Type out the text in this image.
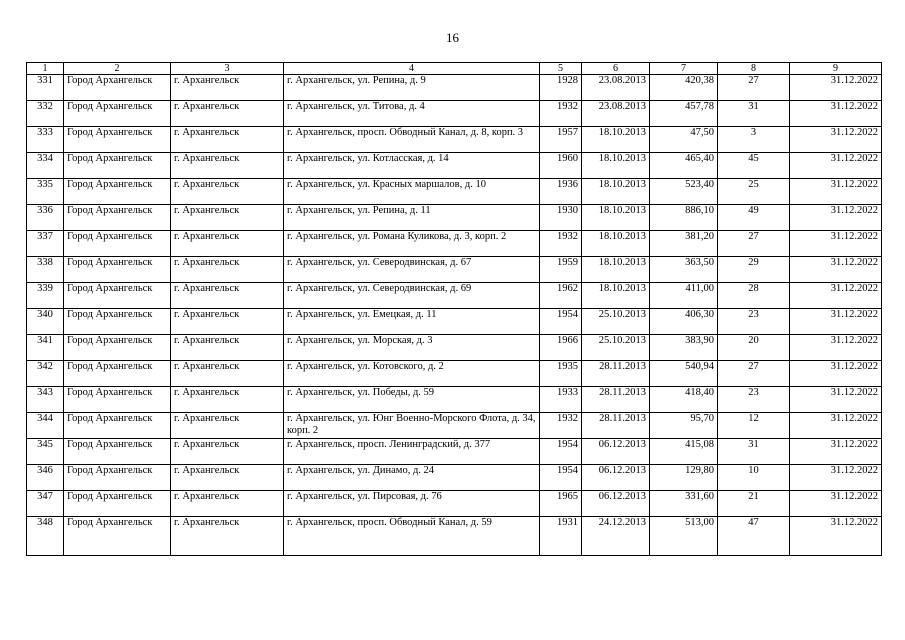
16
1	2	3	4	5	6	7	8	9
331	Город Архангельск	г. Архангельск	г. Архангельск, ул. Репина, д. 9	1928	23.08.2013	420,38	27	31.12.2022
332	Город Архангельск	г. Архангельск	г. Архангельск, ул. Титова, д. 4	1932	23.08.2013	457,78	31	31.12.2022
333	Город Архангельск	г. Архангельск	г. Архангельск, просп. Обводный Канал, д. 8, корп. 3	1957	18.10.2013	47,50	3	31.12.2022
334	Город Архангельск	г. Архангельск	г. Архангельск, ул. Котласская, д. 14	1960	18.10.2013	465,40	45	31.12.2022
335	Город Архангельск	г. Архангельск	г. Архангельск, ул. Красных маршалов, д. 10	1936	18.10.2013	523,40	25	31.12.2022
336	Город Архангельск	г. Архангельск	г. Архангельск, ул. Репина, д. 11	1930	18.10.2013	886,10	49	31.12.2022
337	Город Архангельск	г. Архангельск	г. Архангельск, ул. Романа Куликова, д. 3, корп. 2	1932	18.10.2013	381,20	27	31.12.2022
338	Город Архангельск	г. Архангельск	г. Архангельск, ул. Северодвинская, д. 67	1959	18.10.2013	363,50	29	31.12.2022
339	Город Архангельск	г. Архангельск	г. Архангельск, ул. Северодвинская, д. 69	1962	18.10.2013	411,00	28	31.12.2022
340	Город Архангельск	г. Архангельск	г. Архангельск, ул. Емецкая, д. 11	1954	25.10.2013	406,30	23	31.12.2022
341	Город Архангельск	г. Архангельск	г. Архангельск, ул. Морская, д. 3	1966	25.10.2013	383,90	20	31.12.2022
342	Город Архангельск	г. Архангельск	г. Архангельск, ул. Котовского, д. 2	1935	28.11.2013	540,94	27	31.12.2022
343	Город Архангельск	г. Архангельск	г. Архангельск, ул. Победы, д. 59	1933	28.11.2013	418,40	23	31.12.2022
344	Город Архангельск	г. Архангельск	г. Архангельск, ул. Юнг Военно-Морского Флота, д. 34, корп. 2	1932	28.11.2013	95,70	12	31.12.2022
345	Город Архангельск	г. Архангельск	г. Архангельск, просп. Ленинградский, д. 377	1954	06.12.2013	415,08	31	31.12.2022
346	Город Архангельск	г. Архангельск	г. Архангельск, ул. Динамо, д. 24	1954	06.12.2013	129,80	10	31.12.2022
347	Город Архангельск	г. Архангельск	г. Архангельск, ул. Пирсовая, д. 76	1965	06.12.2013	331,60	21	31.12.2022
348	Город Архангельск	г. Архангельск	г. Архангельск, просп. Обводный Канал, д. 59	1931	24.12.2013	513,00	47	31.12.2022
